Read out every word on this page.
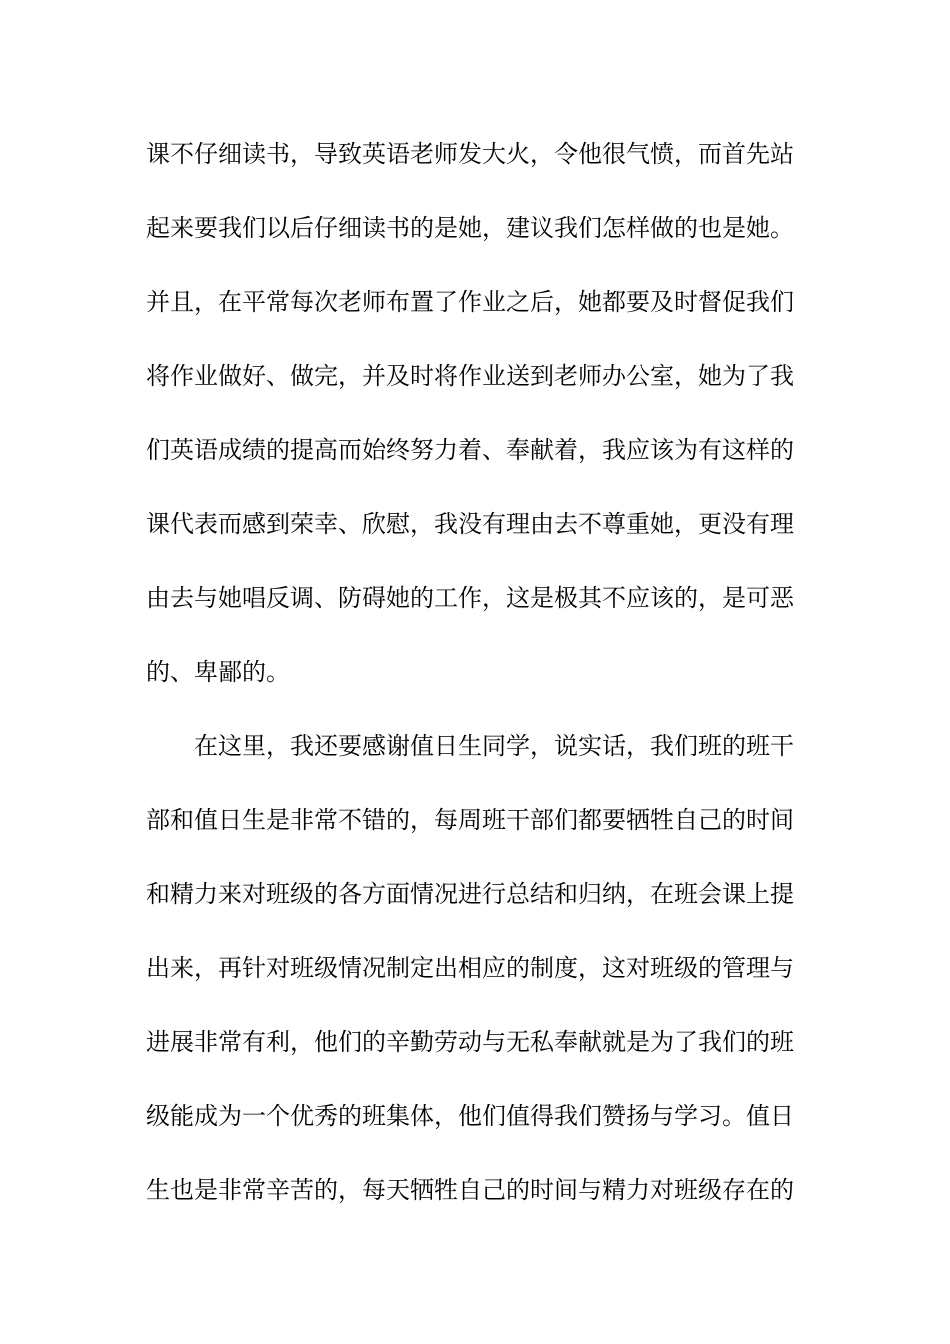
课不仔细读书，导致英语老师发大火，令他很气愤，而首先站
起来要我们以后仔细读书的是她，建议我们怎样做的也是她。
并且，在平常每次老师布置了作业之后，她都要及时督促我们
将作业做好、做完，并及时将作业送到老师办公室，她为了我
们英语成绩的提高而始终努力着、奉献着，我应该为有这样的
课代表而感到荣幸、欣慰，我没有理由去不尊重她，更没有理
由去与她唱反调、防碍她的工作，这是极其不应该的，是可恶
的、卑鄙的。
在这里，我还要感谢值日生同学，说实话，我们班的班干
部和值日生是非常不错的，每周班干部们都要牺牲自己的时间
和精力来对班级的各方面情况进行总结和归纳，在班会课上提
出来，再针对班级情况制定出相应的制度，这对班级的管理与
进展非常有利，他们的辛勤劳动与无私奉献就是为了我们的班
级能成为一个优秀的班集体，他们值得我们赞扬与学习。值日
生也是非常辛苦的，每天牺牲自己的时间与精力对班级存在的
